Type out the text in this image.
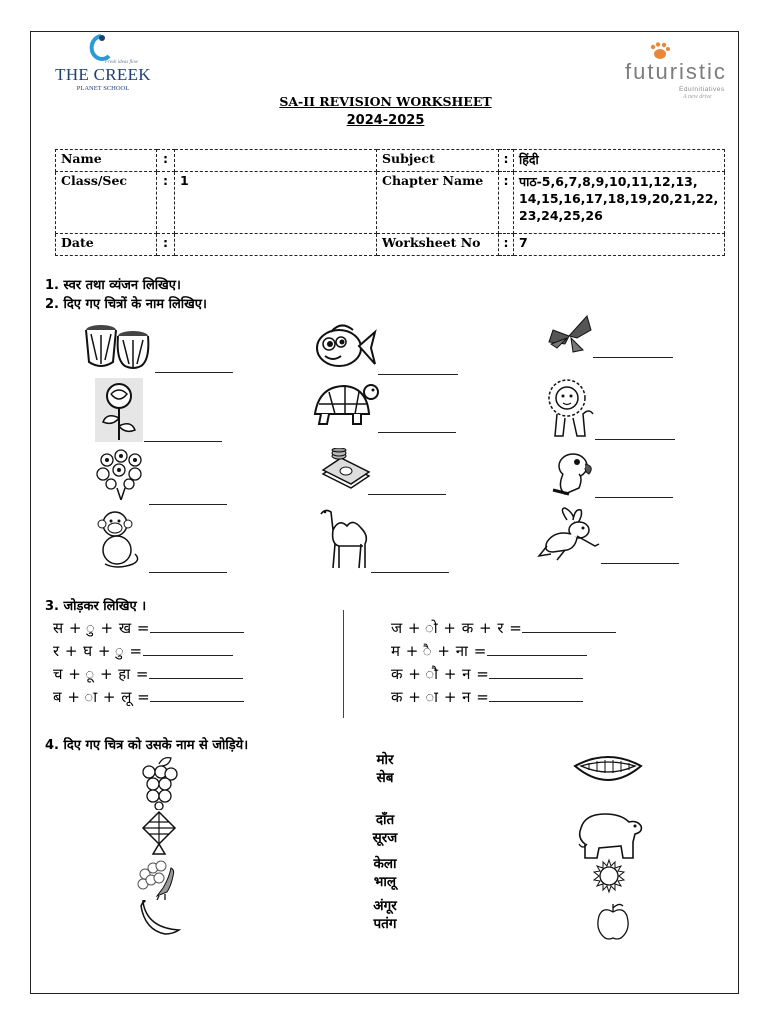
Fresh ideas flow
THE CREEK
PLANET SCHOOL
futuristic
EduInitiatives
A new drive
SA-II REVISION WORKSHEET
2024-2025
Name	:		Subject	:	हिंदी
Class/Sec	:	1	Chapter Name	:	पाठ-5,6,7,8,9,10,11,12,13, 14,15,16,17,18,19,20,21,22, 23,24,25,26
Date	:		Worksheet No	:	7
1. स्वर तथा व्यंजन लिखिए।
2. दिए गए चित्रों के नाम लिखिए।
3. जोड़कर लिखिए ।
स + ु + ख =
र + घ + ु =
च + ू + हा =
ब + ा + लू =
ज + ो + क + र =
म + ै + ना =
क + ौ + न =
क + ा + न =
4. दिए गए चित्र को उसके नाम से जोड़िये।
मोर
सेब
दाँत
सूरज
केला
भालू
अंगूर
पतंग
